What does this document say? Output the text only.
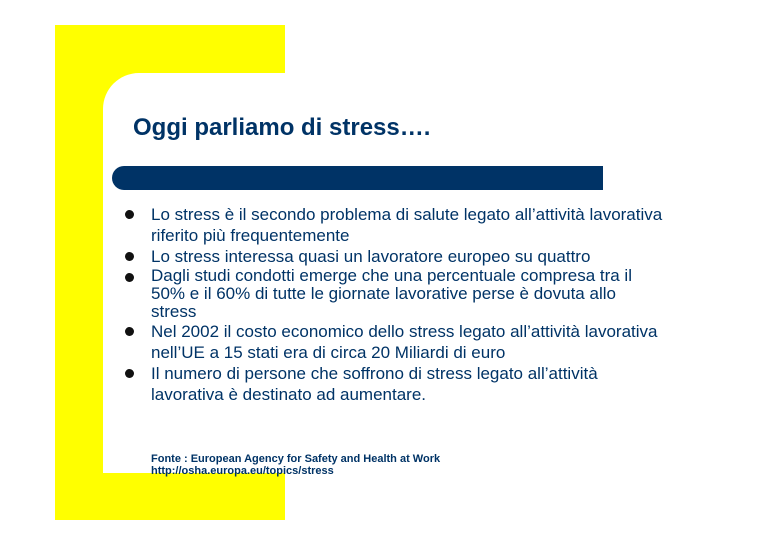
Oggi parliamo di stress….
Lo stress è il secondo problema di salute legato all’attività lavorativa riferito più frequentemente
Lo stress interessa quasi un lavoratore europeo su quattro
Dagli studi condotti emerge che una percentuale compresa tra il 50% e il 60% di tutte le giornate lavorative perse è dovuta allo stress
Nel 2002 il costo economico dello stress legato all’attività lavorativa nell’UE a 15 stati era di circa 20 Miliardi di euro
Il numero di persone che soffrono di stress legato all’attività lavorativa è destinato ad aumentare.
Fonte : European Agency for Safety and Health at Work
http://osha.europa.eu/topics/stress
